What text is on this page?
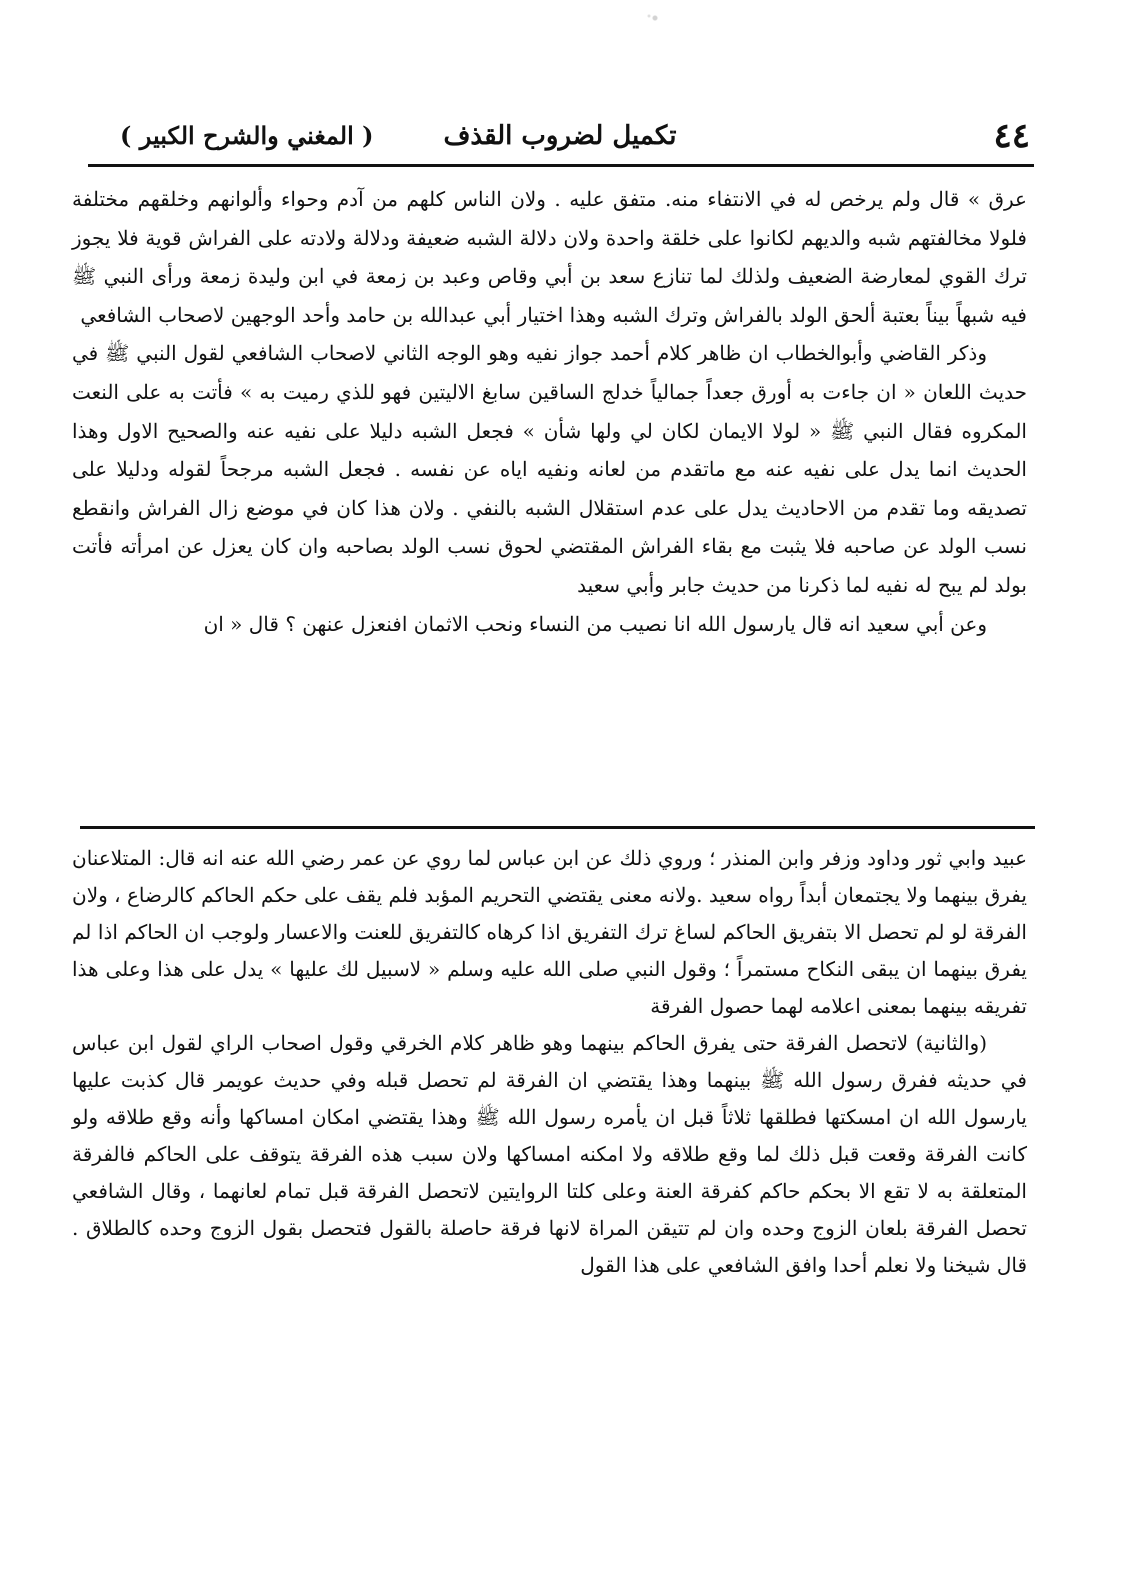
( المغني والشرح الكبير )	تكميل لضروب القذف	٤٤

عرق » قال ولم يرخص له في الانتفاء منه. متفق عليه . ولان الناس كلهم من آدم وحواء وألوانهم وخلقهم مختلفة فلولا مخالفتهم شبه والديهم لكانوا على خلقة واحدة ولان دلالة الشبه ضعيفة ودلالة ولادته على الفراش قوية فلا يجوز ترك القوي لمعارضة الضعيف ولذلك لما تنازع سعد بن أبي وقاص وعبد بن زمعة في ابن وليدة زمعة ورأى النبي ﷺ فيه شبهاً بيناً بعتبة ألحق الولد بالفراش وترك الشبه وهذا اختيار أبي عبدالله بن حامد وأحد الوجهين لاصحاب الشافعي

وذكر القاضي وأبوالخطاب ان ظاهر كلام أحمد جواز نفيه وهو الوجه الثاني لاصحاب الشافعي لقول النبي ﷺ في حديث اللعان « ان جاءت به أورق جعداً جمالياً خدلج الساقين سابغ الاليتين فهو للذي رميت به » فأتت به على النعت المكروه فقال النبي ﷺ « لولا الايمان لكان لي ولها شأن » فجعل الشبه دليلا على نفيه عنه والصحيح الاول وهذا الحديث انما يدل على نفيه عنه مع ماتقدم من لعانه ونفيه اياه عن نفسه . فجعل الشبه مرجحاً لقوله ودليلا على تصديقه وما تقدم من الاحاديث يدل على عدم استقلال الشبه بالنفي . ولان هذا كان في موضع زال الفراش وانقطع نسب الولد عن صاحبه فلا يثبت مع بقاء الفراش المقتضي لحوق نسب الولد بصاحبه وان كان يعزل عن امرأته فأتت بولد لم يبح له نفيه لما ذكرنا من حديث جابر وأبي سعيد

وعن أبي سعيد انه قال يارسول الله انا نصيب من النساء ونحب الاثمان افنعزل عنهن ؟ قال « ان

عبيد وابي ثور وداود وزفر وابن المنذر ؛ وروي ذلك عن ابن عباس لما روي عن عمر رضي الله عنه انه قال: المتلاعنان يفرق بينهما ولا يجتمعان أبداً رواه سعيد .ولانه معنى يقتضي التحريم المؤبد فلم يقف على حكم الحاكم كالرضاع ، ولان الفرقة لو لم تحصل الا بتفريق الحاكم لساغ ترك التفريق اذا كرهاه كالتفريق للعنت والاعسار ولوجب ان الحاكم اذا لم يفرق بينهما ان يبقى النكاح مستمراً ؛ وقول النبي صلى الله عليه وسلم « لاسبيل لك عليها » يدل على هذا وعلى هذا تفريقه بينهما بمعنى اعلامه لهما حصول الفرقة

(والثانية) لاتحصل الفرقة حتى يفرق الحاكم بينهما وهو ظاهر كلام الخرقي وقول اصحاب الراي لقول ابن عباس في حديثه ففرق رسول الله ﷺ بينهما وهذا يقتضي ان الفرقة لم تحصل قبله وفي حديث عويمر قال كذبت عليها يارسول الله ان امسكتها فطلقها ثلاثاً قبل ان يأمره رسول الله ﷺ وهذا يقتضي امكان امساكها وأنه وقع طلاقه ولو كانت الفرقة وقعت قبل ذلك لما وقع طلاقه ولا امكنه امساكها ولان سبب هذه الفرقة يتوقف على الحاكم فالفرقة المتعلقة به لا تقع الا بحكم حاكم كفرقة العنة وعلى كلتا الروايتين لاتحصل الفرقة قبل تمام لعانهما ، وقال الشافعي تحصل الفرقة بلعان الزوج وحده وان لم تتيقن المراة لانها فرقة حاصلة بالقول فتحصل بقول الزوج وحده كالطلاق . قال شيخنا ولا نعلم أحدا وافق الشافعي على هذا القول
